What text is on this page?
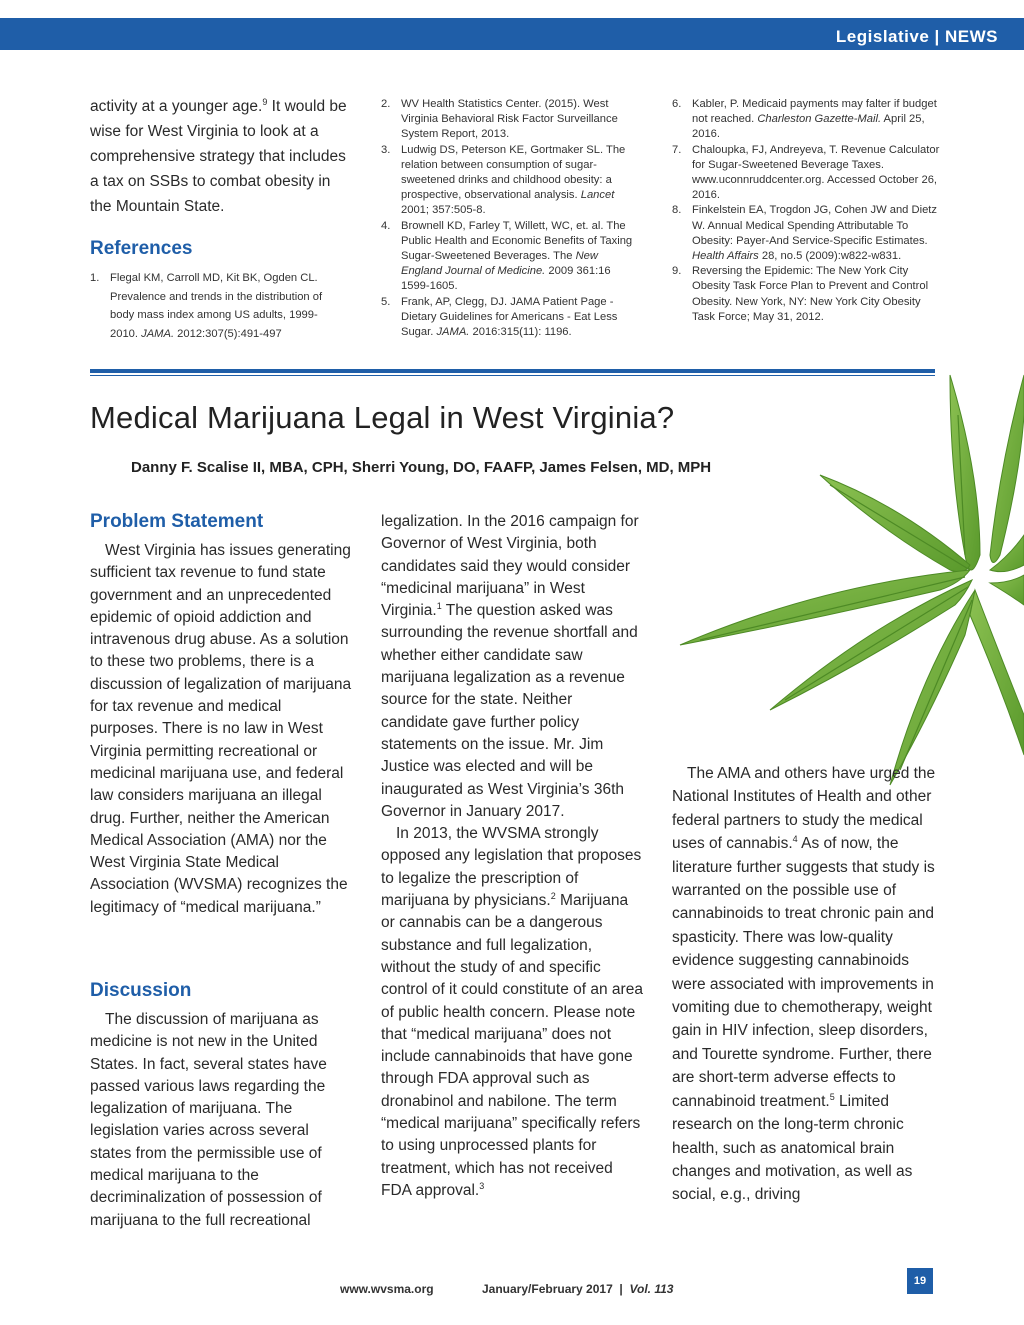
Legislative | NEWS
activity at a younger age.$^9$ It would be wise for West Virginia to look at a comprehensive strategy that includes a tax on SSBs to combat obesity in the Mountain State.
References
1. Flegal KM, Carroll MD, Kit BK, Ogden CL. Prevalence and trends in the distribution of body mass index among US adults, 1999-2010. JAMA. 2012:307(5):491-497
2. WV Health Statistics Center. (2015). West Virginia Behavioral Risk Factor Surveillance System Report, 2013.
3. Ludwig DS, Peterson KE, Gortmaker SL. The relation between consumption of sugar-sweetened drinks and childhood obesity: a prospective, observational analysis. Lancet 2001; 357:505-8.
4. Brownell KD, Farley T, Willett, WC, et. al. The Public Health and Economic Benefits of Taxing Sugar-Sweetened Beverages. The New England Journal of Medicine. 2009 361:16 1599-1605.
5. Frank, AP, Clegg, DJ. JAMA Patient Page - Dietary Guidelines for Americans - Eat Less Sugar. JAMA. 2016:315(11): 1196.
6. Kabler, P. Medicaid payments may falter if budget not reached. Charleston Gazette-Mail. April 25, 2016.
7. Chaloupka, FJ, Andreyeva, T. Revenue Calculator for Sugar-Sweetened Beverage Taxes. www.uconnruddcenter.org. Accessed October 26, 2016.
8. Finkelstein EA, Trogdon JG, Cohen JW and Dietz W. Annual Medical Spending Attributable To Obesity: Payer-And Service-Specific Estimates. Health Affairs 28, no.5 (2009):w822-w831.
9. Reversing the Epidemic: The New York City Obesity Task Force Plan to Prevent and Control Obesity. New York, NY: New York City Obesity Task Force; May 31, 2012.
Medical Marijuana Legal in West Virginia?
Danny F. Scalise II, MBA, CPH, Sherri Young, DO, FAAFP, James Felsen, MD, MPH
Problem Statement

West Virginia has issues generating sufficient tax revenue to fund state government and an unprecedented epidemic of opioid addiction and intravenous drug abuse. As a solution to these two problems, there is a discussion of legalization of marijuana for tax revenue and medical purposes. There is no law in West Virginia permitting recreational or medicinal marijuana use, and federal law considers marijuana an illegal drug. Further, neither the American Medical Association (AMA) nor the West Virginia State Medical Association (WVSMA) recognizes the legitimacy of “medical marijuana.”

Discussion

The discussion of marijuana as medicine is not new in the United States. In fact, several states have passed various laws regarding the legalization of marijuana. The legislation varies across several states from the permissible use of medical marijuana to the decriminalization of possession of marijuana to the full recreational

legalization. In the 2016 campaign for Governor of West Virginia, both candidates said they would consider “medicinal marijuana” in West Virginia.$^1$ The question asked was surrounding the revenue shortfall and whether either candidate saw marijuana legalization as a revenue source for the state. Neither candidate gave further policy statements on the issue. Mr. Jim Justice was elected and will be inaugurated as West Virginia’s 36th Governor in January 2017.

In 2013, the WVSMA strongly opposed any legislation that proposes to legalize the prescription of marijuana by physicians.$^2$ Marijuana or cannabis can be a dangerous substance and full legalization, without the study of and specific control of it could constitute of an area of public health concern. Please note that “medical marijuana” does not include cannabinoids that have gone through FDA approval such as dronabinol and nabilone. The term “medical marijuana” specifically refers to using unprocessed plants for treatment, which has not received FDA approval.$^3$

The AMA and others have urged the National Institutes of Health and other federal partners to study the medical uses of cannabis.$^4$ As of now, the literature further suggests that study is warranted on the possible use of cannabinoids to treat chronic pain and spasticity. There was low-quality evidence suggesting cannabinoids were associated with improvements in vomiting due to chemotherapy, weight gain in HIV infection, sleep disorders, and Tourette syndrome. Further, there are short-term adverse effects to cannabinoid treatment.$^5$ Limited research on the long-term chronic health, such as anatomical brain changes and motivation, as well as social, e.g., driving

www.wvsma.org	January/February 2017 | Vol. 113
19
